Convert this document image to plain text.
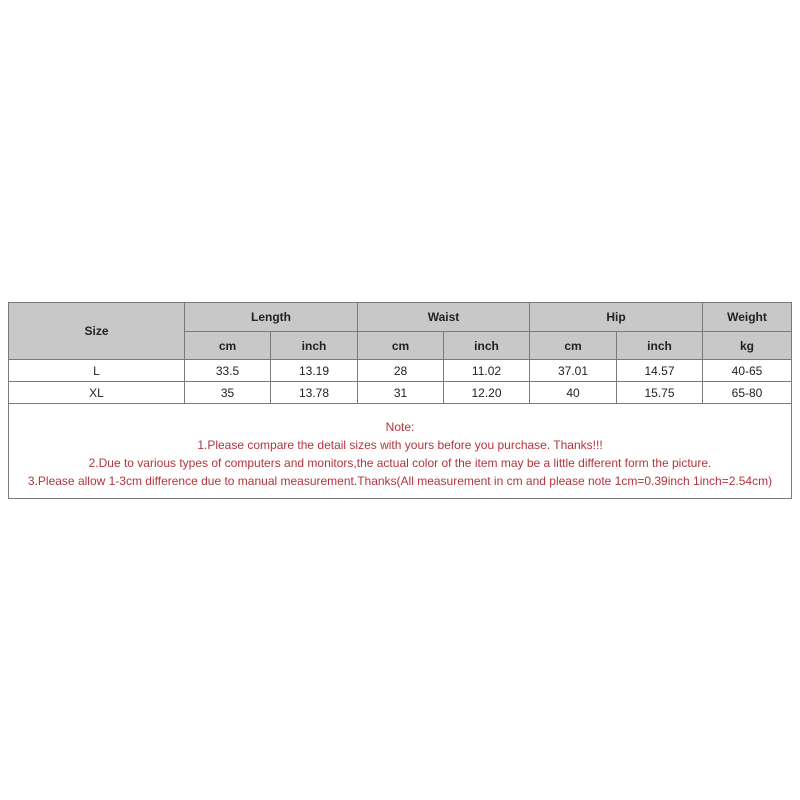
Size	Length		Waist		Hip		Weight
	cm	inch	cm	inch	cm	inch	kg
L	33.5	13.19	28	11.02	37.01	14.57	40-65
XL	35	13.78	31	12.20	40	15.75	65-80

Note:
1.Please compare the detail sizes with yours before you purchase. Thanks!!!
2.Due to various types of computers and monitors,the actual color of the item may be a little different form the picture.
3.Please allow 1-3cm difference due to manual measurement.Thanks(All measurement in cm and please note 1cm=0.39inch 1inch=2.54cm)							
